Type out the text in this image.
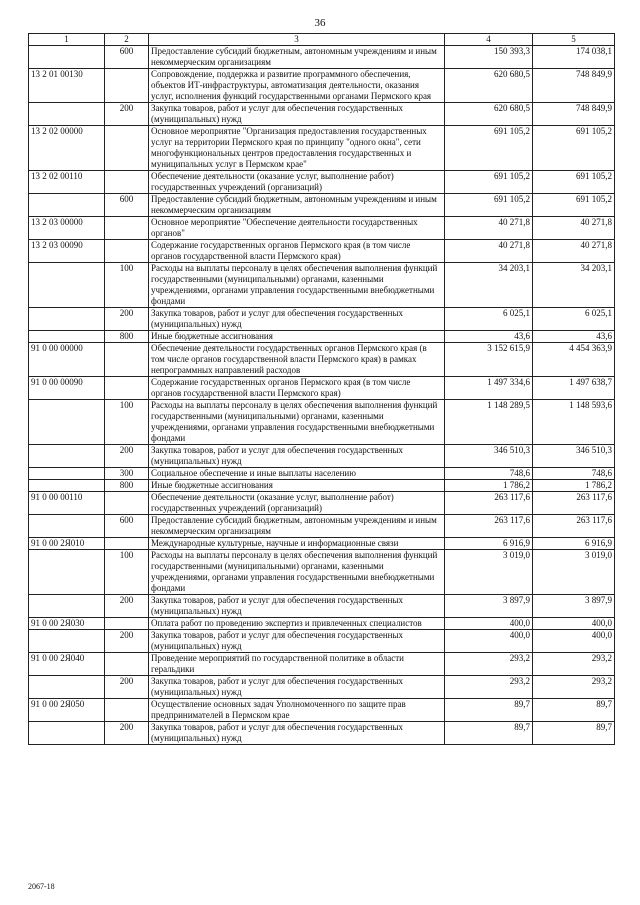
36
1	2	3	4	5
	600	Предоставление субсидий бюджетным, автономным учреждениям и иным некоммерческим организациям	150 393,3	174 038,1
13 2 01 00130		Сопровождение, поддержка и развитие программного обеспечения, объектов ИТ-инфраструктуры, автоматизация деятельности, оказания услуг, исполнения функций государственными органами Пермского края	620 680,5	748 849,9
	200	Закупка товаров, работ и услуг для обеспечения государственных (муниципальных) нужд	620 680,5	748 849,9
13 2 02 00000		Основное мероприятие "Организация предоставления государственных услуг на территории Пермского края по принципу "одного окна", сети многофункциональных центров предоставления государственных и муниципальных услуг в Пермском крае"	691 105,2	691 105,2
13 2 02 00110		Обеспечение деятельности (оказание услуг, выполнение работ) государственных учреждений (организаций)	691 105,2	691 105,2
	600	Предоставление субсидий бюджетным, автономным учреждениям и иным некоммерческим организациям	691 105,2	691 105,2
13 2 03 00000		Основное мероприятие "Обеспечение деятельности государственных органов"	40 271,8	40 271,8
13 2 03 00090		Содержание государственных органов Пермского края (в том числе органов государственной власти Пермского края)	40 271,8	40 271,8
	100	Расходы на выплаты персоналу в целях обеспечения выполнения функций государственными (муниципальными) органами, казенными учреждениями, органами управления государственными внебюджетными фондами	34 203,1	34 203,1
	200	Закупка товаров, работ и услуг для обеспечения государственных (муниципальных) нужд	6 025,1	6 025,1
	800	Иные бюджетные ассигнования	43,6	43,6
91 0 00 00000		Обеспечение деятельности государственных органов Пермского края (в том числе органов государственной власти Пермского края) в рамках непрограммных направлений расходов	3 152 615,9	4 454 363,9
91 0 00 00090		Содержание государственных органов Пермского края (в том числе органов государственной власти Пермского края)	1 497 334,6	1 497 638,7
	100	Расходы на выплаты персоналу в целях обеспечения выполнения функций государственными (муниципальными) органами, казенными учреждениями, органами управления государственными внебюджетными фондами	1 148 289,5	1 148 593,6
	200	Закупка товаров, работ и услуг для обеспечения государственных (муниципальных) нужд	346 510,3	346 510,3
	300	Социальное обеспечение и иные выплаты населению	748,6	748,6
	800	Иные бюджетные ассигнования	1 786,2	1 786,2
91 0 00 00110		Обеспечение деятельности (оказание услуг, выполнение работ) государственных учреждений (организаций)	263 117,6	263 117,6
	600	Предоставление субсидий бюджетным, автономным учреждениям и иным некоммерческим организациям	263 117,6	263 117,6
91 0 00 2Я010		Международные культурные, научные и информационные связи	6 916,9	6 916,9
	100	Расходы на выплаты персоналу в целях обеспечения выполнения функций государственными (муниципальными) органами, казенными учреждениями, органами управления государственными внебюджетными фондами	3 019,0	3 019,0
	200	Закупка товаров, работ и услуг для обеспечения государственных (муниципальных) нужд	3 897,9	3 897,9
91 0 00 2Я030		Оплата работ по проведению экспертиз и привлеченных специалистов	400,0	400,0
	200	Закупка товаров, работ и услуг для обеспечения государственных (муниципальных) нужд	400,0	400,0
91 0 00 2Я040		Проведение мероприятий по государственной политике в области геральдики	293,2	293,2
	200	Закупка товаров, работ и услуг для обеспечения государственных (муниципальных) нужд	293,2	293,2
91 0 00 2Я050		Осуществление основных задач Уполномоченного по защите прав предпринимателей в Пермском крае	89,7	89,7
	200	Закупка товаров, работ и услуг для обеспечения государственных (муниципальных) нужд	89,7	89,7
2067-18
